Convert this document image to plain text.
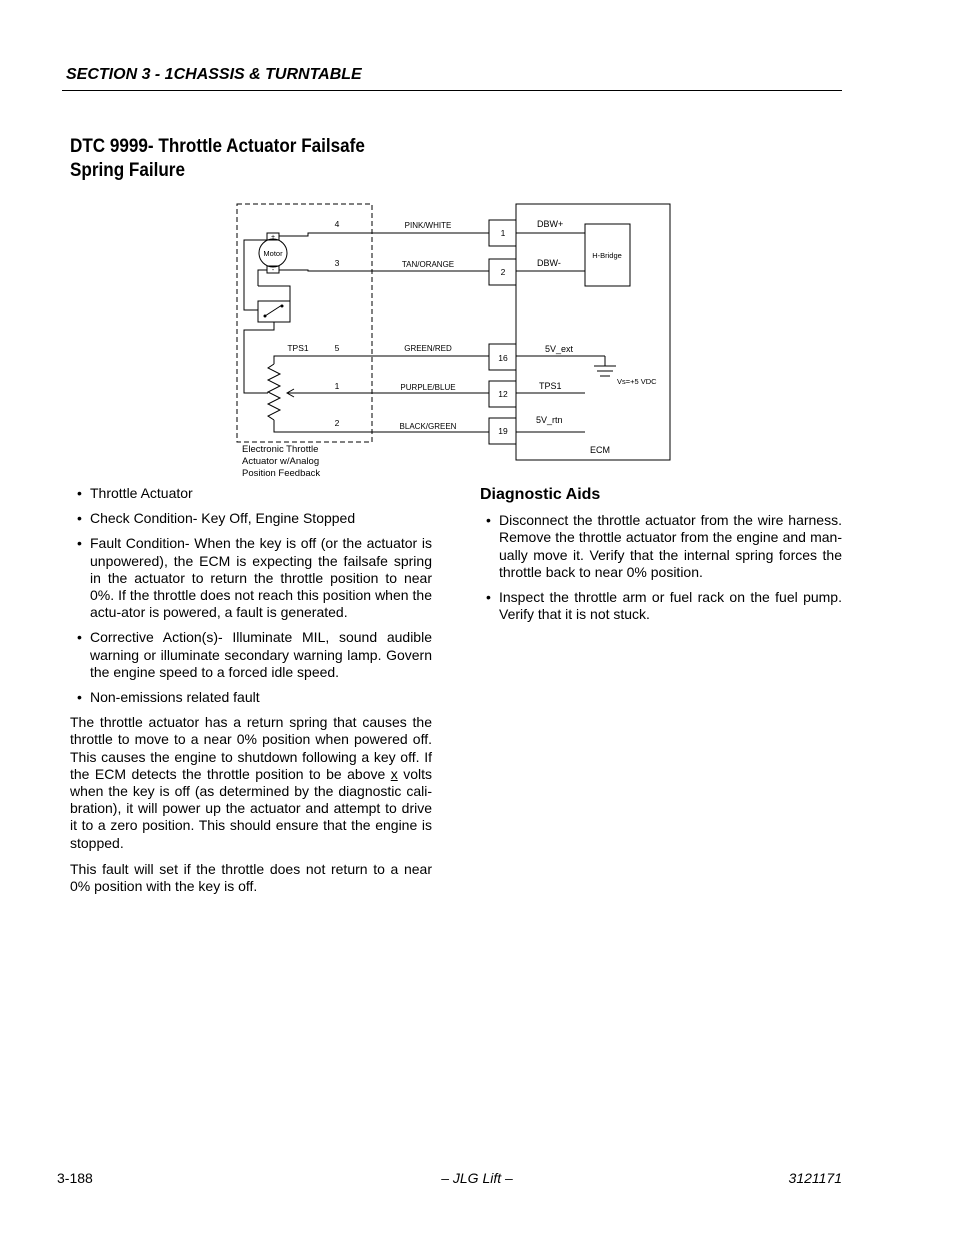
SECTION 3 - 1CHASSIS & TURNTABLE
DTC 9999- Throttle Actuator Failsafe
Spring Failure
H-Bridge
+
Motor
-
TPS1
4
3
5
1
2
PINK/WHITE
TAN/ORANGE
GREEN/RED
PURPLE/BLUE
BLACK/GREEN
1
2
16
12
19
DBW+
DBW-
Vs=+5 VDC
5V_ext
TPS1
5V_rtn
ECM
Electronic Throttle
Actuator w/Analog
Position Feedback
• Throttle Actuator
• Check Condition- Key Off, Engine Stopped
• Fault Condition- When the key is off (or the actuator is unpowered), the ECM is expecting the failsafe spring in the actuator to return the throttle position to near 0%. If the throttle does not reach this position when the actu-ator is powered, a fault is generated.
• Corrective Action(s)- Illuminate MIL, sound audible warning or illuminate secondary warning lamp. Govern the engine speed to a forced idle speed.
• Non-emissions related fault

The throttle actuator has a return spring that causes the throttle to move to a near 0% position when powered off. This causes the engine to shutdown following a key off. If the ECM detects the throttle position to be above x volts when the key is off (as determined by the diagnostic cali-bration), it will power up the actuator and attempt to drive it to a zero position. This should ensure that the engine is stopped.

This fault will set if the throttle does not return to a near 0% position with the key is off.

Diagnostic Aids
• Disconnect the throttle actuator from the wire harness. Remove the throttle actuator from the engine and man-ually move it. Verify that the internal spring forces the throttle back to near 0% position.
• Inspect the throttle arm or fuel rack on the fuel pump. Verify that it is not stuck.
3-188	– JLG Lift –	3121171
